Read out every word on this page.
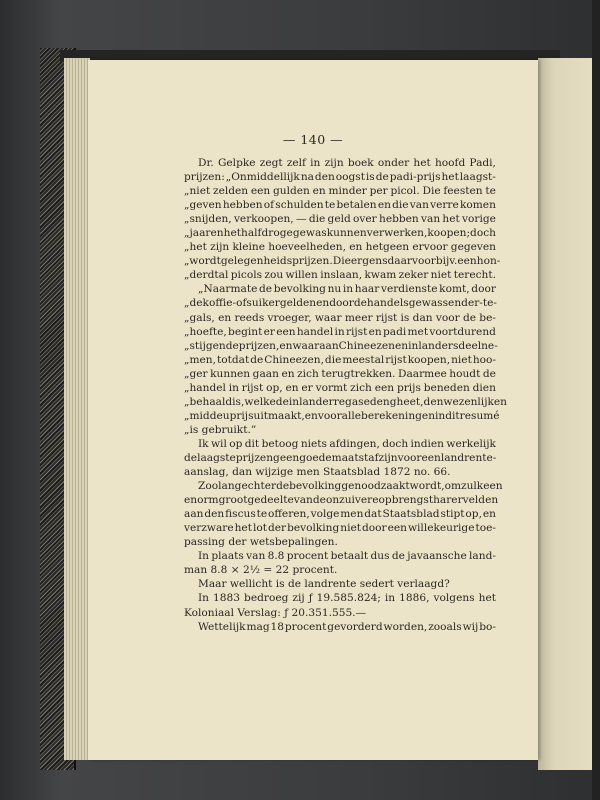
— 140 —
Dr. Gelpke zegt zelf in zijn boek onder het hoofd Padi,
prijzen: „Onmiddellijk na den oogst is de padi-prijs het laagst‑
„niet zelden een gulden en minder per picol. Die feesten te
„geven hebben of schulden te betalen en die van verre komen
„snijden, verkoopen, — die geld over hebben van het vorige
„jaar en het half droge gewas kunnen verwerken, koopen; doch
„het zijn kleine hoeveelheden, en hetgeen ervoor gegeven
„wordt gelegenheidsprijzen. Die ergens daarvoor bijv. een hon-
„derdtal picols zou willen inslaan, kwam zeker niet terecht.
„Naarmate de bevolking nu in haar verdienste komt, door
„de koffie- of suikergelden en door de handelsgewassen der-te-
„gals, en reeds vroeger, waar meer rijst is dan voor de be-
„hoefte, begint er een handel in rijst en padi met voortdurend
„stijgende prijzen, en waaraan Chineezen en inlanders deelne-
„men, totdat de Chineezen, die meestal rijst koopen, niet hoo-
„ger kunnen gaan en zich terugtrekken. Daarmee houdt de
„handel in rijst op, en er vormt zich een prijs beneden dien
„behaald is, welke de inlander rega sedeng heet, den wezenlijken
„middeuprijs uitmaakt, en voor alle berekeningen in dit resumé
„is gebruikt.”
Ik wil op dit betoog niets afdingen, doch indien werkelijk
de laagste prijzen geen goede maatstaf zijn voor een landrente-
aanslag, dan wijzige men Staatsblad 1872 no. 66.
Zoolang echter de bevolking genoodzaakt wordt, om zulk een
enorm groot gedeelte van de onzuivere opbrengst harer velden
aan den fiscus te offeren, volge men dat Staatsblad stipt op, en
verzware het lot der bevolking niet door een willekeurige toe-
passing der wetsbepalingen.
In plaats van 8.8 procent betaalt dus de javaansche land-
man 8.8 × 2½ = 22 procent.
Maar wellicht is de landrente sedert verlaagd?
In 1883 bedroeg zij ƒ 19.585.824; in 1886, volgens het
Koloniaal Verslag: ƒ 20.351.555.—
Wettelijk mag 18 procent gevorderd worden, zooals wij bo-
